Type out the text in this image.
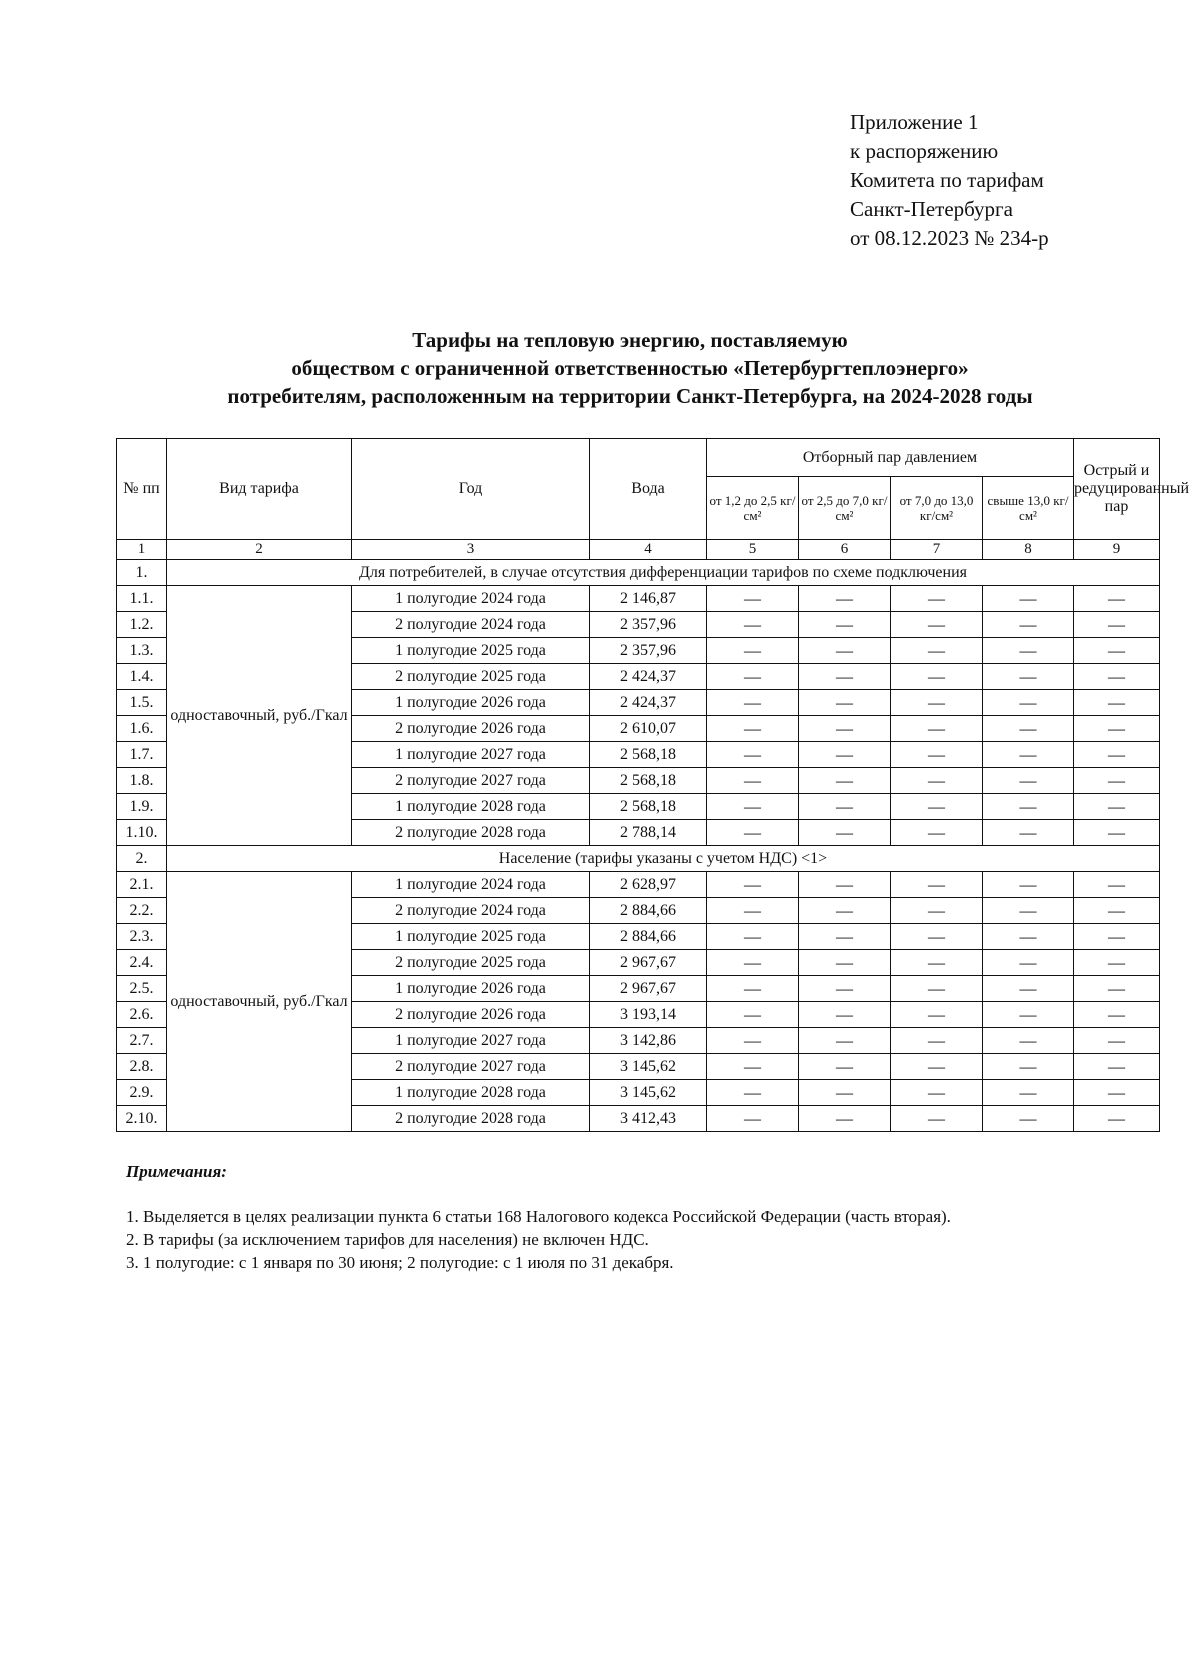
Приложение 1
к распоряжению
Комитета по тарифам
Санкт-Петербурга
от 08.12.2023 № 234-р
Тарифы на тепловую энергию, поставляемую
обществом с ограниченной ответственностью «Петербургтеплоэнерго»
потребителям, расположенным на территории Санкт-Петербурга, на 2024-2028 годы
№ пп	Вид тарифа	Год	Вода	Отборный пар давлением				Острый и редуцированный пар
				от 1,2 до 2,5 кг/см²	от 2,5 до 7,0 кг/см²	от 7,0 до 13,0 кг/см²	свыше 13,0 кг/см²	
1	2	3	4	5	6	7	8	9
1.	Для потребителей, в случае отсутствия дифференциации тарифов по схеме подключения							
1.1.	одноставочный, руб./Гкал	1 полугодие 2024 года	2 146,87	—	—	—	—	—
1.2.		2 полугодие 2024 года	2 357,96	—	—	—	—	—
1.3.		1 полугодие 2025 года	2 357,96	—	—	—	—	—
1.4.		2 полугодие 2025 года	2 424,37	—	—	—	—	—
1.5.		1 полугодие 2026 года	2 424,37	—	—	—	—	—
1.6.		2 полугодие 2026 года	2 610,07	—	—	—	—	—
1.7.		1 полугодие 2027 года	2 568,18	—	—	—	—	—
1.8.		2 полугодие 2027 года	2 568,18	—	—	—	—	—
1.9.		1 полугодие 2028 года	2 568,18	—	—	—	—	—
1.10.		2 полугодие 2028 года	2 788,14	—	—	—	—	—
2.	Население (тарифы указаны с учетом НДС) <1>							
2.1.	одноставочный, руб./Гкал	1 полугодие 2024 года	2 628,97	—	—	—	—	—
2.2.		2 полугодие 2024 года	2 884,66	—	—	—	—	—
2.3.		1 полугодие 2025 года	2 884,66	—	—	—	—	—
2.4.		2 полугодие 2025 года	2 967,67	—	—	—	—	—
2.5.		1 полугодие 2026 года	2 967,67	—	—	—	—	—
2.6.		2 полугодие 2026 года	3 193,14	—	—	—	—	—
2.7.		1 полугодие 2027 года	3 142,86	—	—	—	—	—
2.8.		2 полугодие 2027 года	3 145,62	—	—	—	—	—
2.9.		1 полугодие 2028 года	3 145,62	—	—	—	—	—
2.10.		2 полугодие 2028 года	3 412,43	—	—	—	—	—
Примечания:
1. Выделяется в целях реализации пункта 6 статьи 168 Налогового кодекса Российской Федерации (часть вторая).
2. В тарифы (за исключением тарифов для населения) не включен НДС.
3. 1 полугодие: с 1 января по 30 июня; 2 полугодие: с 1 июля по 31 декабря.
